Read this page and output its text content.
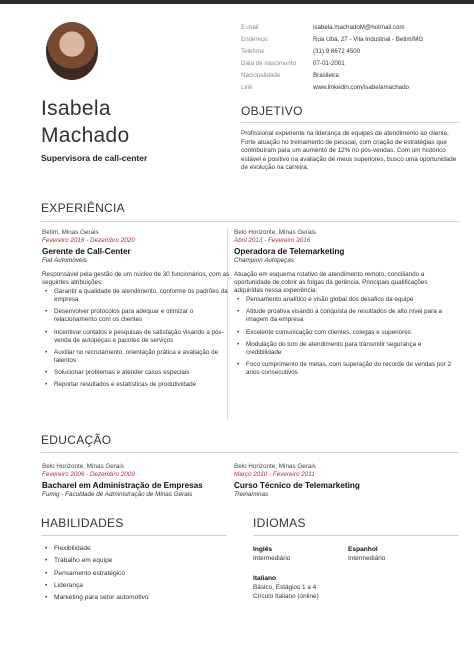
Isabela
Machado
Supervisora de call-center
E-mail	isabela.machadoM@hotmail.com
Endereço	Rua Ubá, 27 - Vila Industrial - Betim/MG
Telefone	(31) 9 8672 4500
Data de nascimento	07-01-2001
Nacionalidade	Brasileira
Link	www.linkedin.com/isabelamachado
OBJETIVO
Profissional experiente na liderança de equipes de atendimento ao cliente. Forte atuação no treinamento de pessoal, com criação de estratégias que contribuíram para um aumento de 12% no pós-vendas. Com um histórico estável e positivo na avaliação de meus superiores, busco uma oportunidade de evolução na carreira.
EXPERIÊNCIA
Betim, Minas Gerais
Fevereiro 2016 - Dezembro 2020
Gerente de Call-Center
Fiat Automóveis
Responsável pela gestão de um núcleo de 30 funcionários, com as seguintes atribuições:
• Garantir a qualidade de atendimento, conforme os padrões da empresa
• Desenvolver protocolos para adequar e otimizar o relacionamento com os clientes
• Incentivar contatos e pesquisas de satisfação visando a pós-venda de autopeças e pacotes de serviços
• Auxiliar no recrutamento, orientação prática e avaliação de talentos
• Solucionar problemas e atender casos especiais
• Reportar resultados e estatísticas de produtividade
Belo Horizonte, Minas Gerais
Abril 2013 - Fevereiro 2016
Operadora de Telemarketing
Champion Autopeças
Atuação em esquema rotativo de atendimento remoto, conciliando a oportunidade de cobrir as folgas da gerência. Principais qualificações adquiridas nessa experiência:
• Pensamento analítico e visão global dos desafios da equipe
• Atitude proativa visando a conquista de resultados de alto nível para a imagem da empresa
• Excelente comunicação com clientes, colegas e superiores
• Modulação do tom de atendimento para transmitir segurança e credibilidade
• Foco cumprimento de metas, com superação do recorde de vendas por 2 anos consecutivos
EDUCAÇÃO
Belo Horizonte, Minas Gerais
Fevereiro 2006 - Dezembro 2009
Bacharel em Administração de Empresas
Fumig - Faculdade de Administração de Minas Gerais
Belo Horizonte, Minas Gerais
Março 2010 - Fevereiro 2011
Curso Técnico de Telemarketing
Treinaminas
HABILIDADES
• Flexibilidade
• Trabalho em equipe
• Pensamento estratégico
• Liderança
• Marketing para setor automotivo
IDIOMAS
Inglês
Intermediário
Espanhol
Intermediário
Italiano
Básico, Estágios 1 a 4
Círculo Italiano (online)
